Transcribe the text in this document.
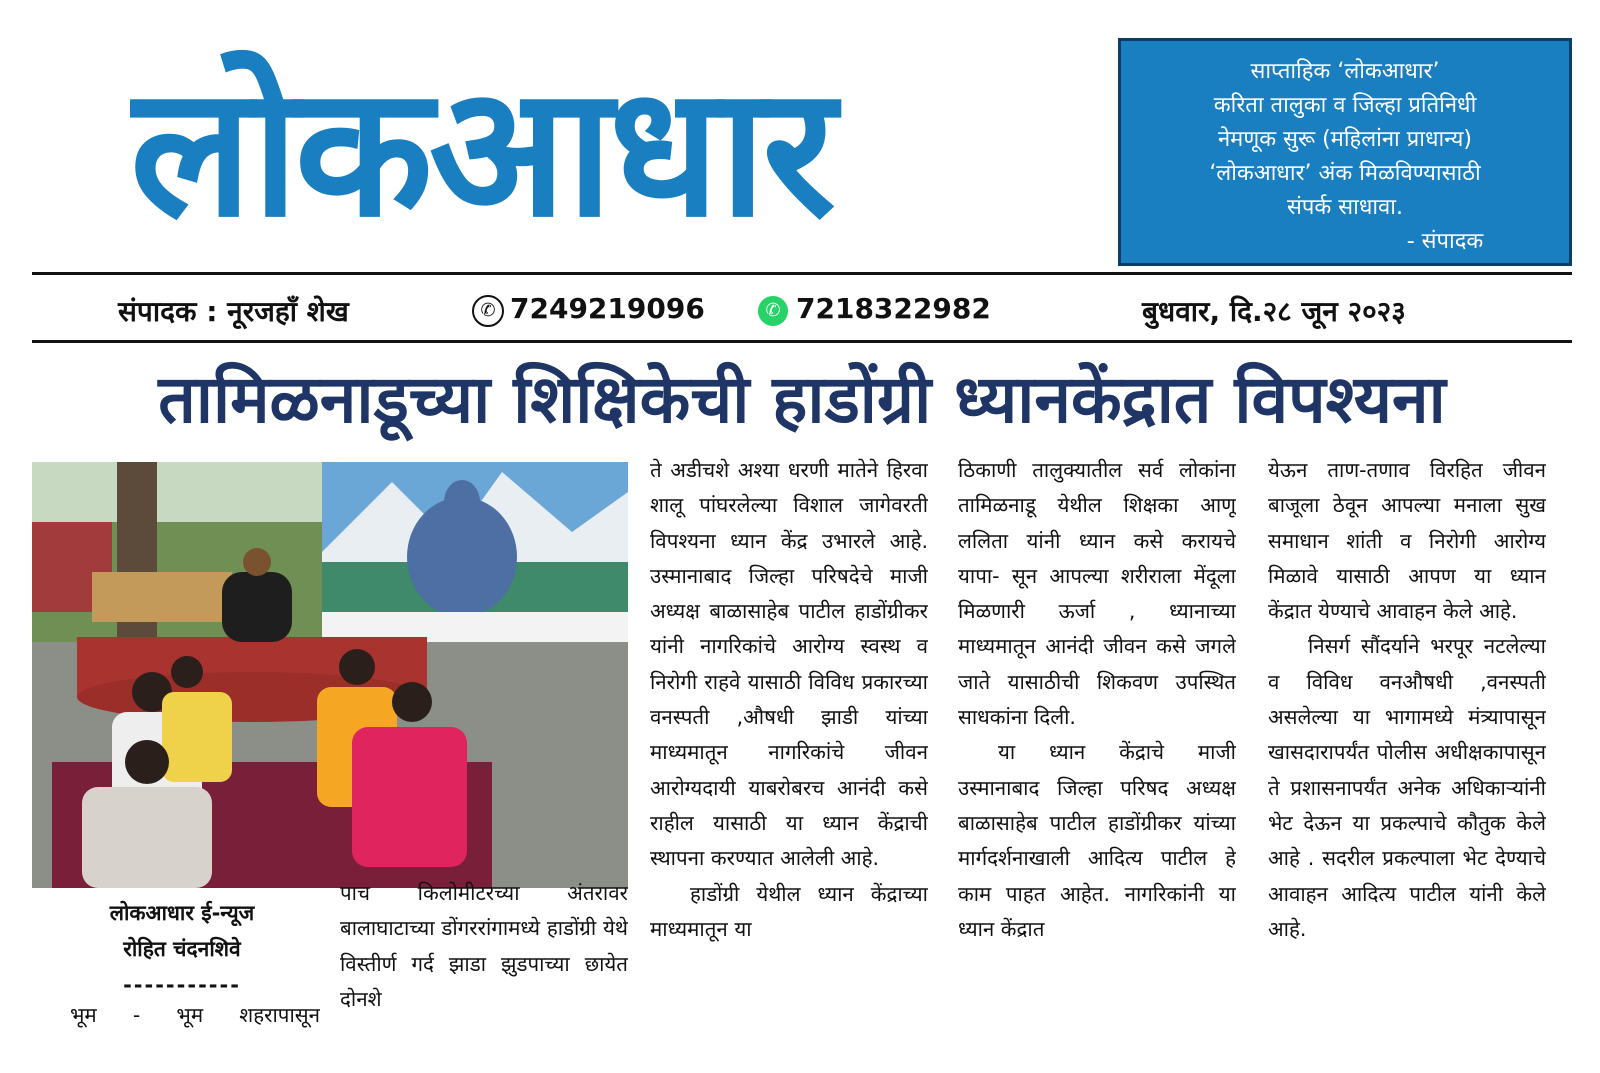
लोकआधार	साप्ताहिक ‘लोकआधार’
करिता तालुका व जिल्हा प्रतिनिधी
नेमणूक सुरू (महिलांना प्राधान्य)
‘लोकआधार’ अंक मिळविण्यासाठी
संपर्क साधावा.
- संपादक
संपादक : नूरजहाँ शेख	✆ 7249219096	✆ 7218322982	बुधवार, दि.२८ जून २०२३
तामिळनाडूच्या शिक्षिकेची हाडोंग्री ध्यानकेंद्रात विपश्यना
लोकआधार ई-न्यूज
रोहित चंदनशिवे
-----------

भूम - भूम शहरापासून

पाच किलोमीटरच्या अंतरावर बालाघाटाच्या डोंगररांगामध्ये हाडोंग्री येथे विस्तीर्ण गर्द झाडा झुडपाच्या छायेत दोनशे

ते अडीचशे अश्या धरणी मातेने हिरवा शालू पांघरलेल्या विशाल जागेवरती विपश्यना ध्यान केंद्र उभारले आहे. उस्मानाबाद जिल्हा परिषदेचे माजी अध्यक्ष बाळासाहेब पाटील हाडोंग्रीकर यांनी नागरिकांचे आरोग्य स्वस्थ व निरोगी राहवे यासाठी विविध प्रकारच्या वनस्पती ,औषधी झाडी यांच्या माध्यमातून नागरिकांचे जीवन आरोग्यदायी याबरोबरच आनंदी कसे राहील यासाठी या ध्यान केंद्राची स्थापना करण्यात आलेली आहे.

हाडोंग्री येथील ध्यान केंद्राच्या माध्यमातून या

ठिकाणी तालुक्यातील सर्व लोकांना तामिळनाडू येथील शिक्षका आणू ललिता यांनी ध्यान कसे करायचे यापा- सून आपल्या शरीराला मेंदूला मिळणारी ऊर्जा , ध्यानाच्या माध्यमातून आनंदी जीवन कसे जगले जाते यासाठीची शिकवण उपस्थित साधकांना दिली.

या ध्यान केंद्राचे माजी उस्मानाबाद जिल्हा परिषद अध्यक्ष बाळासाहेब पाटील हाडोंग्रीकर यांच्या मार्गदर्शनाखाली आदित्य पाटील हे काम पाहत आहेत. नागरिकांनी या ध्यान केंद्रात

येऊन ताण-तणाव विरहित जीवन बाजूला ठेवून आपल्या मनाला सुख समाधान शांती व निरोगी आरोग्य मिळावे यासाठी आपण या ध्यान केंद्रात येण्याचे आवाहन केले आहे.

निसर्ग सौंदर्याने भरपूर नटलेल्या व विविध वनऔषधी ,वनस्पती असलेल्या या भागामध्ये मंत्र्यापासून खासदारापर्यंत पोलीस अधीक्षकापासून ते प्रशासनापर्यंत अनेक अधिकाऱ्यांनी भेट देऊन या प्रकल्पाचे कौतुक केले आहे . सदरील प्रकल्पाला भेट देण्याचे आवाहन आदित्य पाटील यांनी केले आहे.
